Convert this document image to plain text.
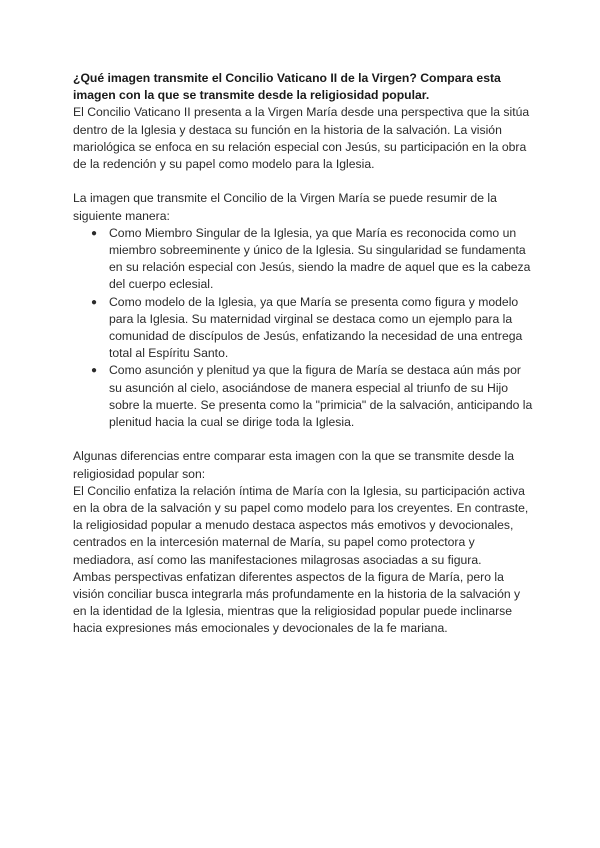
¿Qué imagen transmite el Concilio Vaticano II de la Virgen? Compara esta imagen con la que se transmite desde la religiosidad popular.

El Concilio Vaticano II presenta a la Virgen María desde una perspectiva que la sitúa dentro de la Iglesia y destaca su función en la historia de la salvación. La visión mariológica se enfoca en su relación especial con Jesús, su participación en la obra de la redención y su papel como modelo para la Iglesia.

La imagen que transmite el Concilio de la Virgen María se puede resumir de la siguiente manera:

● Como Miembro Singular de la Iglesia, ya que María es reconocida como un miembro sobreeminente y único de la Iglesia. Su singularidad se fundamenta en su relación especial con Jesús, siendo la madre de aquel que es la cabeza del cuerpo eclesial.
● Como modelo de la Iglesia, ya que María se presenta como figura y modelo para la Iglesia. Su maternidad virginal se destaca como un ejemplo para la comunidad de discípulos de Jesús, enfatizando la necesidad de una entrega total al Espíritu Santo.
● Como asunción y plenitud ya que la figura de María se destaca aún más por su asunción al cielo, asociándose de manera especial al triunfo de su Hijo sobre la muerte. Se presenta como la "primicia" de la salvación, anticipando la plenitud hacia la cual se dirige toda la Iglesia.

Algunas diferencias entre comparar esta imagen con la que se transmite desde la religiosidad popular son:

El Concilio enfatiza la relación íntima de María con la Iglesia, su participación activa en la obra de la salvación y su papel como modelo para los creyentes. En contraste, la religiosidad popular a menudo destaca aspectos más emotivos y devocionales, centrados en la intercesión maternal de María, su papel como protectora y mediadora, así como las manifestaciones milagrosas asociadas a su figura.

Ambas perspectivas enfatizan diferentes aspectos de la figura de María, pero la visión conciliar busca integrarla más profundamente en la historia de la salvación y en la identidad de la Iglesia, mientras que la religiosidad popular puede inclinarse hacia expresiones más emocionales y devocionales de la fe mariana.
